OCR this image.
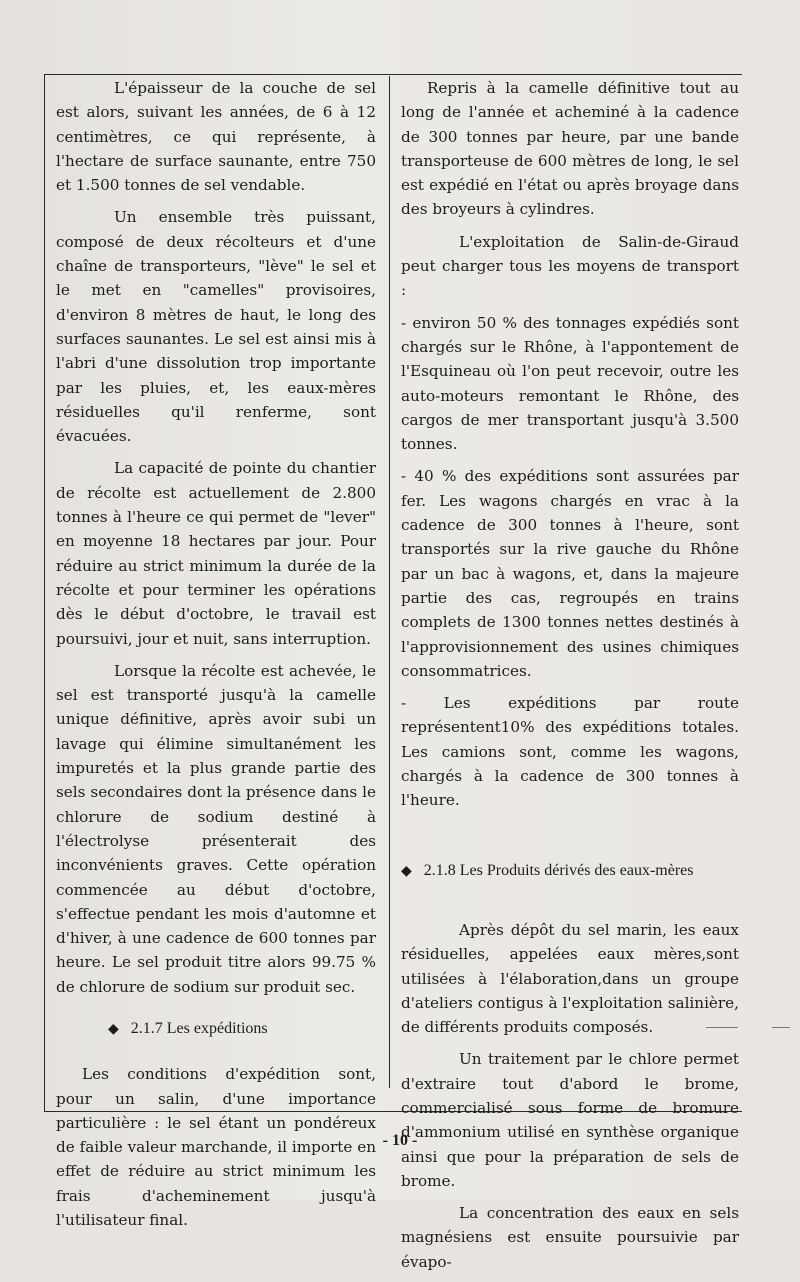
L'épaisseur de la couche de sel est alors, suivant les années, de 6 à 12 centimètres, ce qui représente, à l'hectare de surface saunante, entre 750 et 1.500 tonnes de sel vendable.

Un ensemble très puissant, composé de deux récolteurs et d'une chaîne de transporteurs, "lève" le sel et le met en "camelles" provisoires, d'environ 8 mètres de haut, le long des surfaces saunantes. Le sel est ainsi mis à l'abri d'une dissolution trop importante par les pluies, et, les eaux-mères résiduelles qu'il renferme, sont évacuées.

La capacité de pointe du chantier de récolte est actuellement de 2.800 tonnes à l'heure ce qui permet de "lever" en moyenne 18 hectares par jour. Pour réduire au strict minimum la durée de la récolte et pour terminer les opérations dès le début d'octobre, le travail est poursuivi, jour et nuit, sans interruption.

Lorsque la récolte est achevée, le sel est transporté jusqu'à la camelle unique définitive, après avoir subi un lavage qui élimine simultanément les impuretés et la plus grande partie des sels secondaires dont la présence dans le chlorure de sodium destiné à l'électrolyse présenterait des inconvénients graves. Cette opération commencée au début d'octobre, s'effectue pendant les mois d'automne et d'hiver, à une cadence de 600 tonnes par heure. Le sel produit titre alors 99.75 % de chlorure de sodium sur produit sec.

◆ 2.1.7 Les expéditions

Les conditions d'expédition sont, pour un salin, d'une importance particulière : le sel étant un pondéreux de faible valeur marchande, il importe en effet de réduire au strict minimum les frais d'acheminement jusqu'à l'utilisateur final.

Repris à la camelle définitive tout au long de l'année et acheminé à la cadence de 300 tonnes par heure, par une bande transporteuse de 600 mètres de long, le sel est expédié en l'état ou après broyage dans des broyeurs à cylindres.

L'exploitation de Salin-de-Giraud peut charger tous les moyens de transport :

- environ 50 % des tonnages expédiés sont chargés sur le Rhône, à l'appontement de l'Esquineau où l'on peut recevoir, outre les auto-moteurs remontant le Rhône, des cargos de mer transportant jusqu'à 3.500 tonnes.

- 40 % des expéditions sont assurées par fer. Les wagons chargés en vrac à la cadence de 300 tonnes à l'heure, sont transportés sur la rive gauche du Rhône par un bac à wagons, et, dans la majeure partie des cas, regroupés en trains complets de 1300 tonnes nettes destinés à l'approvisionnement des usines chimiques consommatrices.

- Les expéditions par route représentent10% des expéditions totales. Les camions sont, comme les wagons, chargés à la cadence de 300 tonnes à l'heure.

◆ 2.1.8 Les Produits dérivés des eaux-mères

Après dépôt du sel marin, les eaux résiduelles, appelées eaux mères,sont utilisées à l'élaboration,dans un groupe d'ateliers contigus à l'exploitation salinière, de différents produits composés.

Un traitement par le chlore permet d'extraire tout d'abord le brome, commercialisé sous forme de bromure d'ammonium utilisé en synthèse organique ainsi que pour la préparation de sels de brome.

La concentration des eaux en sels magnésiens est ensuite poursuivie par évapo-

- 10 -
